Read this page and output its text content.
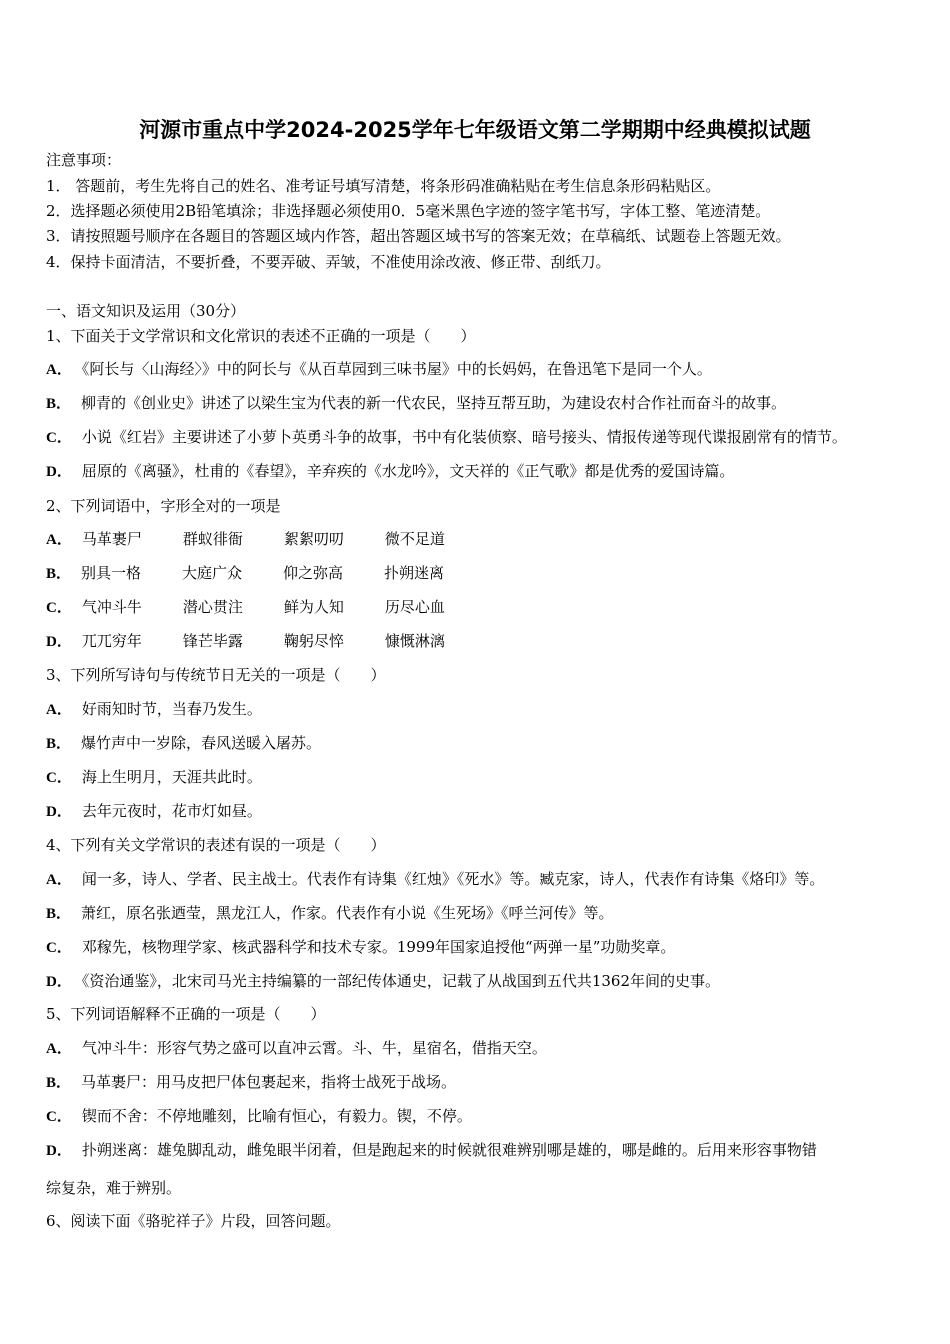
河源市重点中学2024-2025学年七年级语文第二学期期中经典模拟试题
注意事项：
1． 答题前，考生先将自己的姓名、准考证号填写清楚，将条形码准确粘贴在考生信息条形码粘贴区。
2．选择题必须使用2B铅笔填涂；非选择题必须使用0．5毫米黑色字迹的签字笔书写，字体工整、笔迹清楚。
3．请按照题号顺序在各题目的答题区域内作答，超出答题区域书写的答案无效；在草稿纸、试题卷上答题无效。
4．保持卡面清洁，不要折叠，不要弄破、弄皱，不准使用涂改液、修正带、刮纸刀。
一、语文知识及运用（30分）
1、下面关于文学常识和文化常识的表述不正确的一项是（　　）
A． 《阿长与〈山海经〉》中的阿长与《从百草园到三味书屋》中的长妈妈，在鲁迅笔下是同一个人。
B． 柳青的《创业史》讲述了以梁生宝为代表的新一代农民，坚持互帮互助，为建设农村合作社而奋斗的故事。
C． 小说《红岩》主要讲述了小萝卜英勇斗争的故事，书中有化装侦察、暗号接头、情报传递等现代谍报剧常有的情节。
D． 屈原的《离骚》，杜甫的《春望》，辛弃疾的《水龙吟》，文天祥的《正气歌》都是优秀的爱国诗篇。
2、下列词语中，字形全对的一项是
A． 马革裹尸	群蚁徘衙	絮絮叨叨	微不足道
B． 别具一格	大庭广众	仰之弥高	扑朔迷离
C． 气冲斗牛	潜心贯注	鲜为人知	历尽心血
D． 兀兀穷年	锋芒毕露	鞠躬尽悴	慷慨淋漓
3、下列所写诗句与传统节日无关的一项是（　　）
A． 好雨知时节，当春乃发生。
B． 爆竹声中一岁除，春风送暖入屠苏。
C． 海上生明月，天涯共此时。
D． 去年元夜时，花市灯如昼。
4、下列有关文学常识的表述有误的一项是（　　）
A． 闻一多，诗人、学者、民主战士。代表作有诗集《红烛》《死水》等。臧克家，诗人，代表作有诗集《烙印》等。
B． 萧红，原名张迺莹，黑龙江人，作家。代表作有小说《生死场》《呼兰河传》等。
C． 邓稼先，核物理学家、核武器科学和技术专家。1999年国家追授他“两弹一星”功勋奖章。
D． 《资治通鉴》，北宋司马光主持编纂的一部纪传体通史，记载了从战国到五代共1362年间的史事。
5、下列词语解释不正确的一项是（　　）
A． 气冲斗牛：形容气势之盛可以直冲云霄。斗、牛，星宿名，借指天空。
B． 马革裹尸：用马皮把尸体包裹起来，指将士战死于战场。
C． 锲而不舍：不停地雕刻，比喻有恒心，有毅力。锲，不停。
D． 扑朔迷离：雄兔脚乱动，雌兔眼半闭着，但是跑起来的时候就很难辨别哪是雄的，哪是雌的。后用来形容事物错
综复杂，难于辨别。
6、阅读下面《骆驼祥子》片段，回答问题。
